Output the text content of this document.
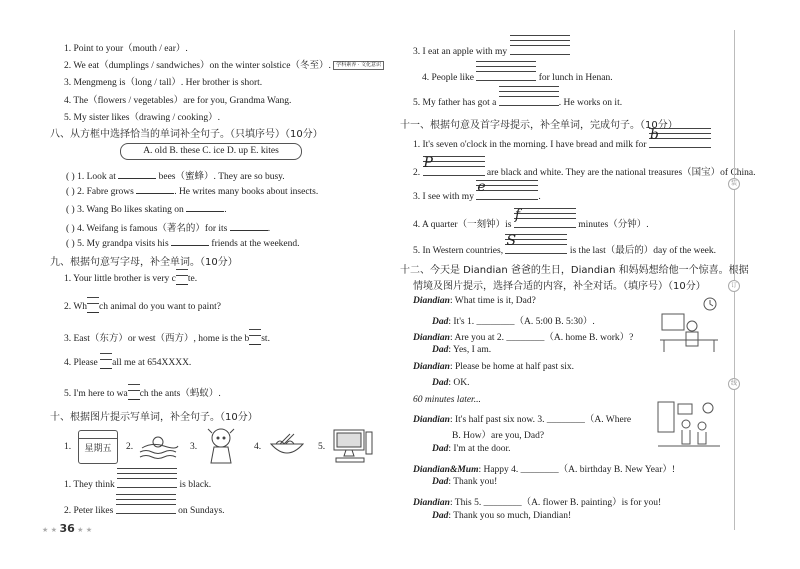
1. Point to your（mouth / ear）.
2. We eat（dumplings / sandwiches）on the winter solstice（冬至）. 学科素养 · 文化意识
3. Mengmeng is（long / tall）. Her brother is short.
4. The（flowers / vegetables）are for you, Grandma Wang.
5. My sister likes（drawing / cooking）.
八、从方框中选择恰当的单词补全句子。（只填序号）（10分）
A. old B. these C. ice D. up E. kites
( ) 1. Look at	bees（蜜蜂）. They are so busy.
( ) 2. Fabre grows	. He writes many books about insects.
( ) 3. Wang Bo likes skating on	.
( ) 4. Weifang is famous（著名的）for its	.
( ) 5. My grandpa visits his	friends at the weekend.
九、根据句意写字母，补全单词。（10分）
1. Your little brother is very c te.
2. Wh ch animal do you want to paint?
3. East（东方）or west（西方）, home is the b st.
4. Please  all me at 654XXXX.
5. I'm here to wa ch the ants（蚂蚁）.
十、根据图片提示写单词，补全句子。（10分）
1.	星期五	2.	3.	4.	5.
1. They think	is black.
2. Peter likes	on Sundays.
★ ★ 36 ★ ★
3. I eat an apple with my
4. People like	for lunch in Henan.
5. My father has got a	. He works on it.
十一、根据句意及首字母提示，补全单词，完成句子。（10分）
1. It's seven o'clock in the morning. I have bread and milk for
b
2.
P
are black and white. They are the national treasures（国宝）of China.
3. I see with my
e
.
4. A quarter（一刻钟）is
f
minutes（分钟）.
5. In Western countries,
S
is the last（最后的）day of the week.
十二、今天是 Diandian 爸爸的生日，Diandian 和妈妈想给他一个惊喜。根据
情境及图片提示，选择合适的内容，补全对话。（填序号）（10分）
Diandian: What time is it, Dad?
Dad: It's 1. ________（A. 5:00 B. 5:30）.
Diandian: Are you at 2. ________（A. home B. work）?
Dad: Yes, I am.
Diandian: Please be home at half past six.
Dad: OK.
60 minutes later...
Diandian: It's half past six now. 3. ________（A. Where
B. How）are you, Dad?
Dad: I'm at the door.
Diandian&Mum: Happy 4. ________（A. birthday B. New Year）!
Dad: Thank you!
Diandian: This 5. ________（A. flower B. painting）is for you!
Dad: Thank you so much, Diandian!
装
订
线
